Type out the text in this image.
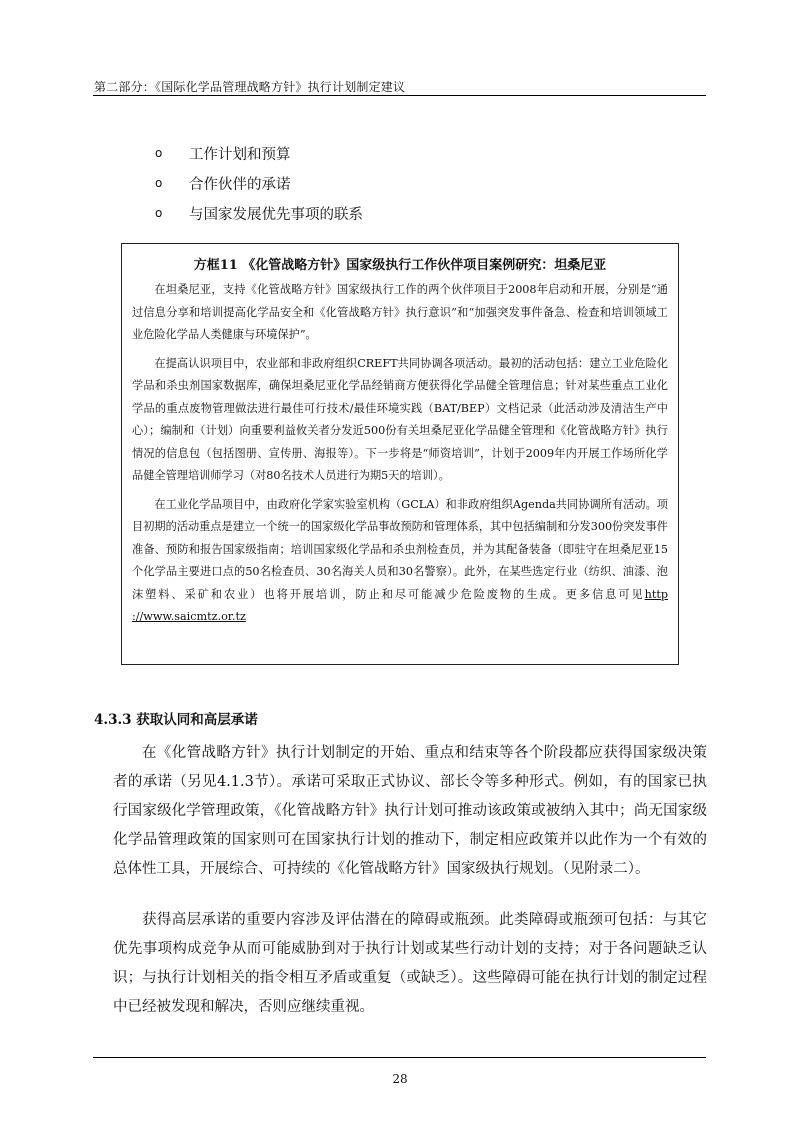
第二部分：《国际化学品管理战略方针》执行计划制定建议
o	工作计划和预算
o	合作伙伴的承诺
o	与国家发展优先事项的联系
方框11 《化管战略方针》国家级执行工作伙伴项目案例研究：坦桑尼亚

在坦桑尼亚，支持《化管战略方针》国家级执行工作的两个伙伴项目于2008年启动和开展，分别是“通过信息分享和培训提高化学品安全和《化管战略方针》执行意识”和“加强突发事件备急、检查和培训领域工业危险化学品人类健康与环境保护”。

在提高认识项目中，农业部和非政府组织CREFT共同协调各项活动。最初的活动包括：建立工业危险化学品和杀虫剂国家数据库，确保坦桑尼亚化学品经销商方便获得化学品健全管理信息；针对某些重点工业化学品的重点废物管理做法进行最佳可行技术/最佳环境实践（BAT/BEP）文档记录（此活动涉及清洁生产中心）；编制和（计划）向重要利益攸关者分发近500份有关坦桑尼亚化学品健全管理和《化管战略方针》执行情况的信息包（包括图册、宣传册、海报等）。下一步将是“师资培训”，计划于2009年内开展工作场所化学品健全管理培训师学习（对80名技术人员进行为期5天的培训）。

在工业化学品项目中，由政府化学家实验室机构（GCLA）和非政府组织Agenda共同协调所有活动。项目初期的活动重点是建立一个统一的国家级化学品事故预防和管理体系，其中包括编制和分发300份突发事件准备、预防和报告国家级指南；培训国家级化学品和杀虫剂检查员，并为其配备装备（即驻守在坦桑尼亚15个化学品主要进口点的50名检查员、30名海关人员和30名警察）。此外，在某些选定行业（纺织、油漆、泡沫塑料、采矿和农业）也将开展培训，防止和尽可能减少危险废物的生成。更多信息可见http ://www.saicmtz.or.tz

4.3.3 获取认同和高层承诺

在《化管战略方针》执行计划制定的开始、重点和结束等各个阶段都应获得国家级决策者的承诺（另见4.1.3节）。承诺可采取正式协议、部长令等多种形式。例如，有的国家已执行国家级化学管理政策，《化管战略方针》执行计划可推动该政策或被纳入其中；尚无国家级化学品管理政策的国家则可在国家执行计划的推动下，制定相应政策并以此作为一个有效的总体性工具，开展综合、可持续的《化管战略方针》国家级执行规划。（见附录二）。

获得高层承诺的重要内容涉及评估潜在的障碍或瓶颈。此类障碍或瓶颈可包括：与其它优先事项构成竞争从而可能威胁到对于执行计划或某些行动计划的支持；对于各问题缺乏认识；与执行计划相关的指令相互矛盾或重复（或缺乏）。这些障碍可能在执行计划的制定过程中已经被发现和解决，否则应继续重视。

28
